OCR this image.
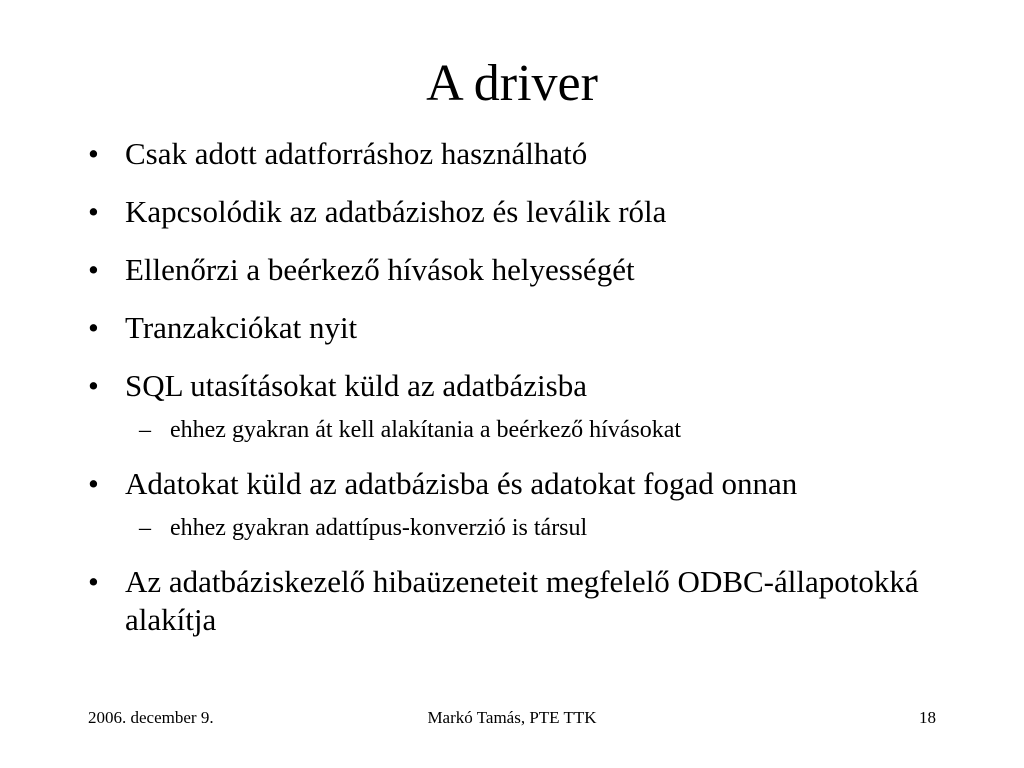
A driver
• Csak adott adatforráshoz használható
• Kapcsolódik az adatbázishoz és leválik róla
• Ellenőrzi a beérkező hívások helyességét
• Tranzakciókat nyit
• SQL utasításokat küld az adatbázisba
– ehhez gyakran át kell alakítania a beérkező hívásokat
• Adatokat küld az adatbázisba és adatokat fogad onnan
– ehhez gyakran adattípus-konverzió is társul
• Az adatbáziskezelő hibaüzeneteit megfelelő ODBC-állapotokká alakítja
2006. december 9.	Markó Tamás, PTE TTK	18
